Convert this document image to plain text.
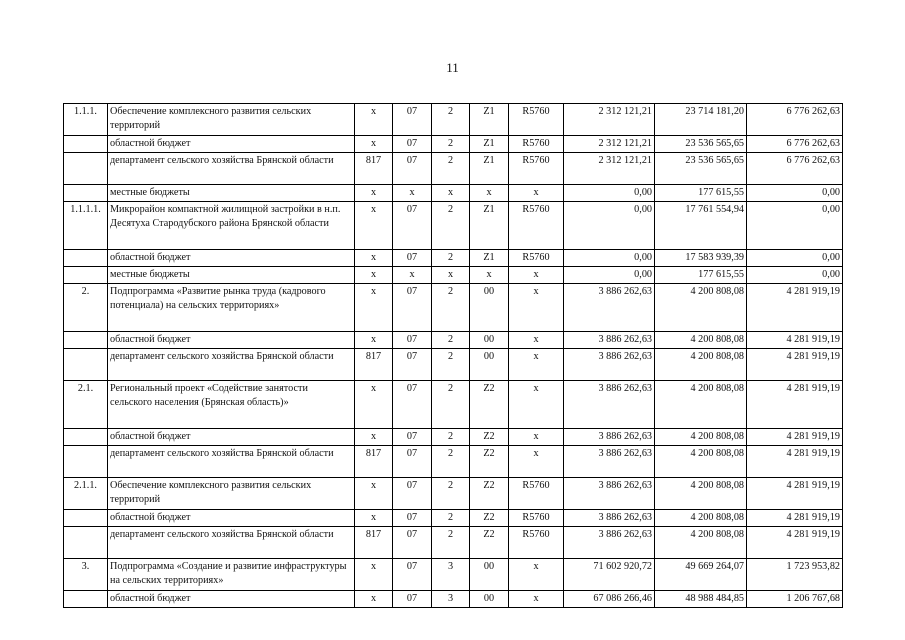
11
1.1.1.	Обеспечение комплексного развития сельских территорий	x	07	2	Z1	R5760	2 312 121,21	23 714 181,20	6 776 262,63
	областной бюджет	x	07	2	Z1	R5760	2 312 121,21	23 536 565,65	6 776 262,63
	департамент сельского хозяйства Брянской области	817	07	2	Z1	R5760	2 312 121,21	23 536 565,65	6 776 262,63
	местные бюджеты	x	x	x	x	x	0,00	177 615,55	0,00
1.1.1.1.	Микрорайон компактной жилищной застройки в н.п. Десятуха Стародубского района Брянской области	x	07	2	Z1	R5760	0,00	17 761 554,94	0,00
	областной бюджет	x	07	2	Z1	R5760	0,00	17 583 939,39	0,00
	местные бюджеты	x	x	x	x	x	0,00	177 615,55	0,00
2.	Подпрограмма «Развитие рынка труда (кадрового потенциала) на сельских территориях»	x	07	2	00	x	3 886 262,63	4 200 808,08	4 281 919,19
	областной бюджет	x	07	2	00	x	3 886 262,63	4 200 808,08	4 281 919,19
	департамент сельского хозяйства Брянской области	817	07	2	00	x	3 886 262,63	4 200 808,08	4 281 919,19
2.1.	Региональный проект «Содействие занятости сельского населения (Брянская область)»	x	07	2	Z2	x	3 886 262,63	4 200 808,08	4 281 919,19
	областной бюджет	x	07	2	Z2	x	3 886 262,63	4 200 808,08	4 281 919,19
	департамент сельского хозяйства Брянской области	817	07	2	Z2	x	3 886 262,63	4 200 808,08	4 281 919,19
2.1.1.	Обеспечение комплексного развития сельских территорий	x	07	2	Z2	R5760	3 886 262,63	4 200 808,08	4 281 919,19
	областной бюджет	x	07	2	Z2	R5760	3 886 262,63	4 200 808,08	4 281 919,19
	департамент сельского хозяйства Брянской области	817	07	2	Z2	R5760	3 886 262,63	4 200 808,08	4 281 919,19
3.	Подпрограмма «Создание и развитие инфраструктуры на сельских территориях»	x	07	3	00	x	71 602 920,72	49 669 264,07	1 723 953,82
	областной бюджет	x	07	3	00	x	67 086 266,46	48 988 484,85	1 206 767,68
